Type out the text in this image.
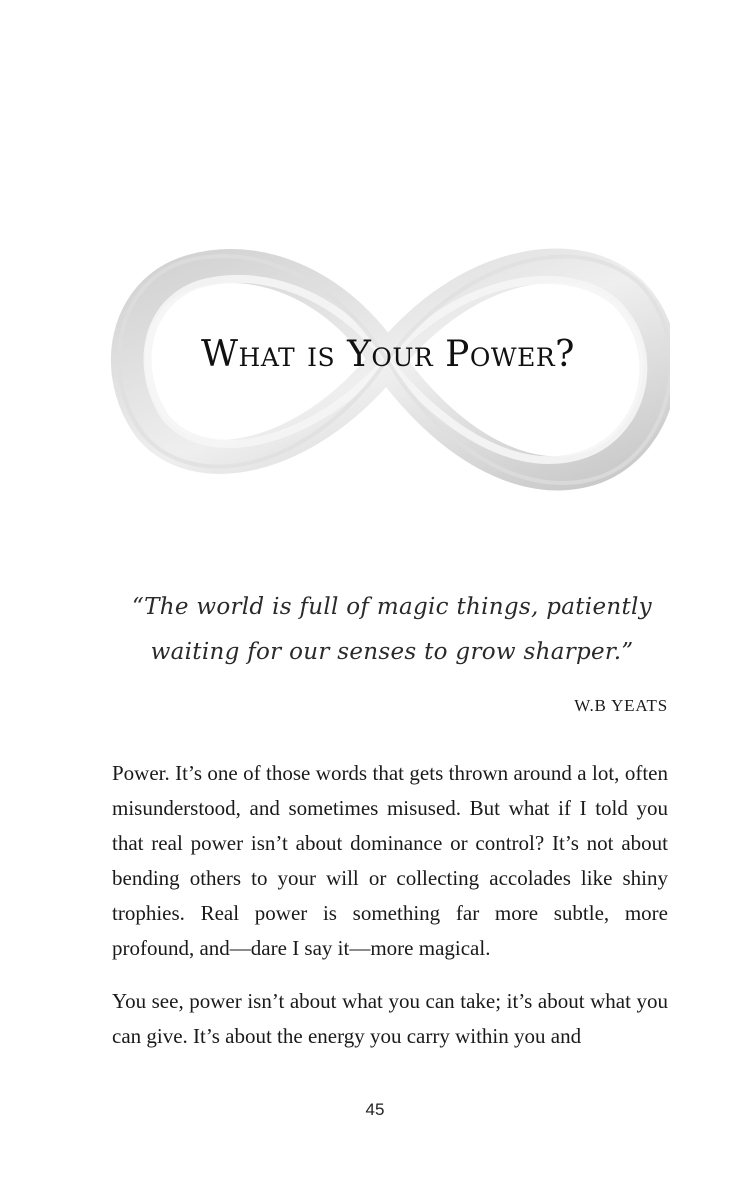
What is Your Power?
“The world is full of magic things, patiently waiting for our senses to grow sharper.”
W.B YEATS

Power. It’s one of those words that gets thrown around a lot, often misunderstood, and sometimes misused. But what if I told you that real power isn’t about dominance or control? It’s not about bending others to your will or collecting accolades like shiny trophies. Real power is something far more subtle, more profound, and—dare I say it—more magical.

You see, power isn’t about what you can take; it’s about what you can give. It’s about the energy you carry within you and

45
